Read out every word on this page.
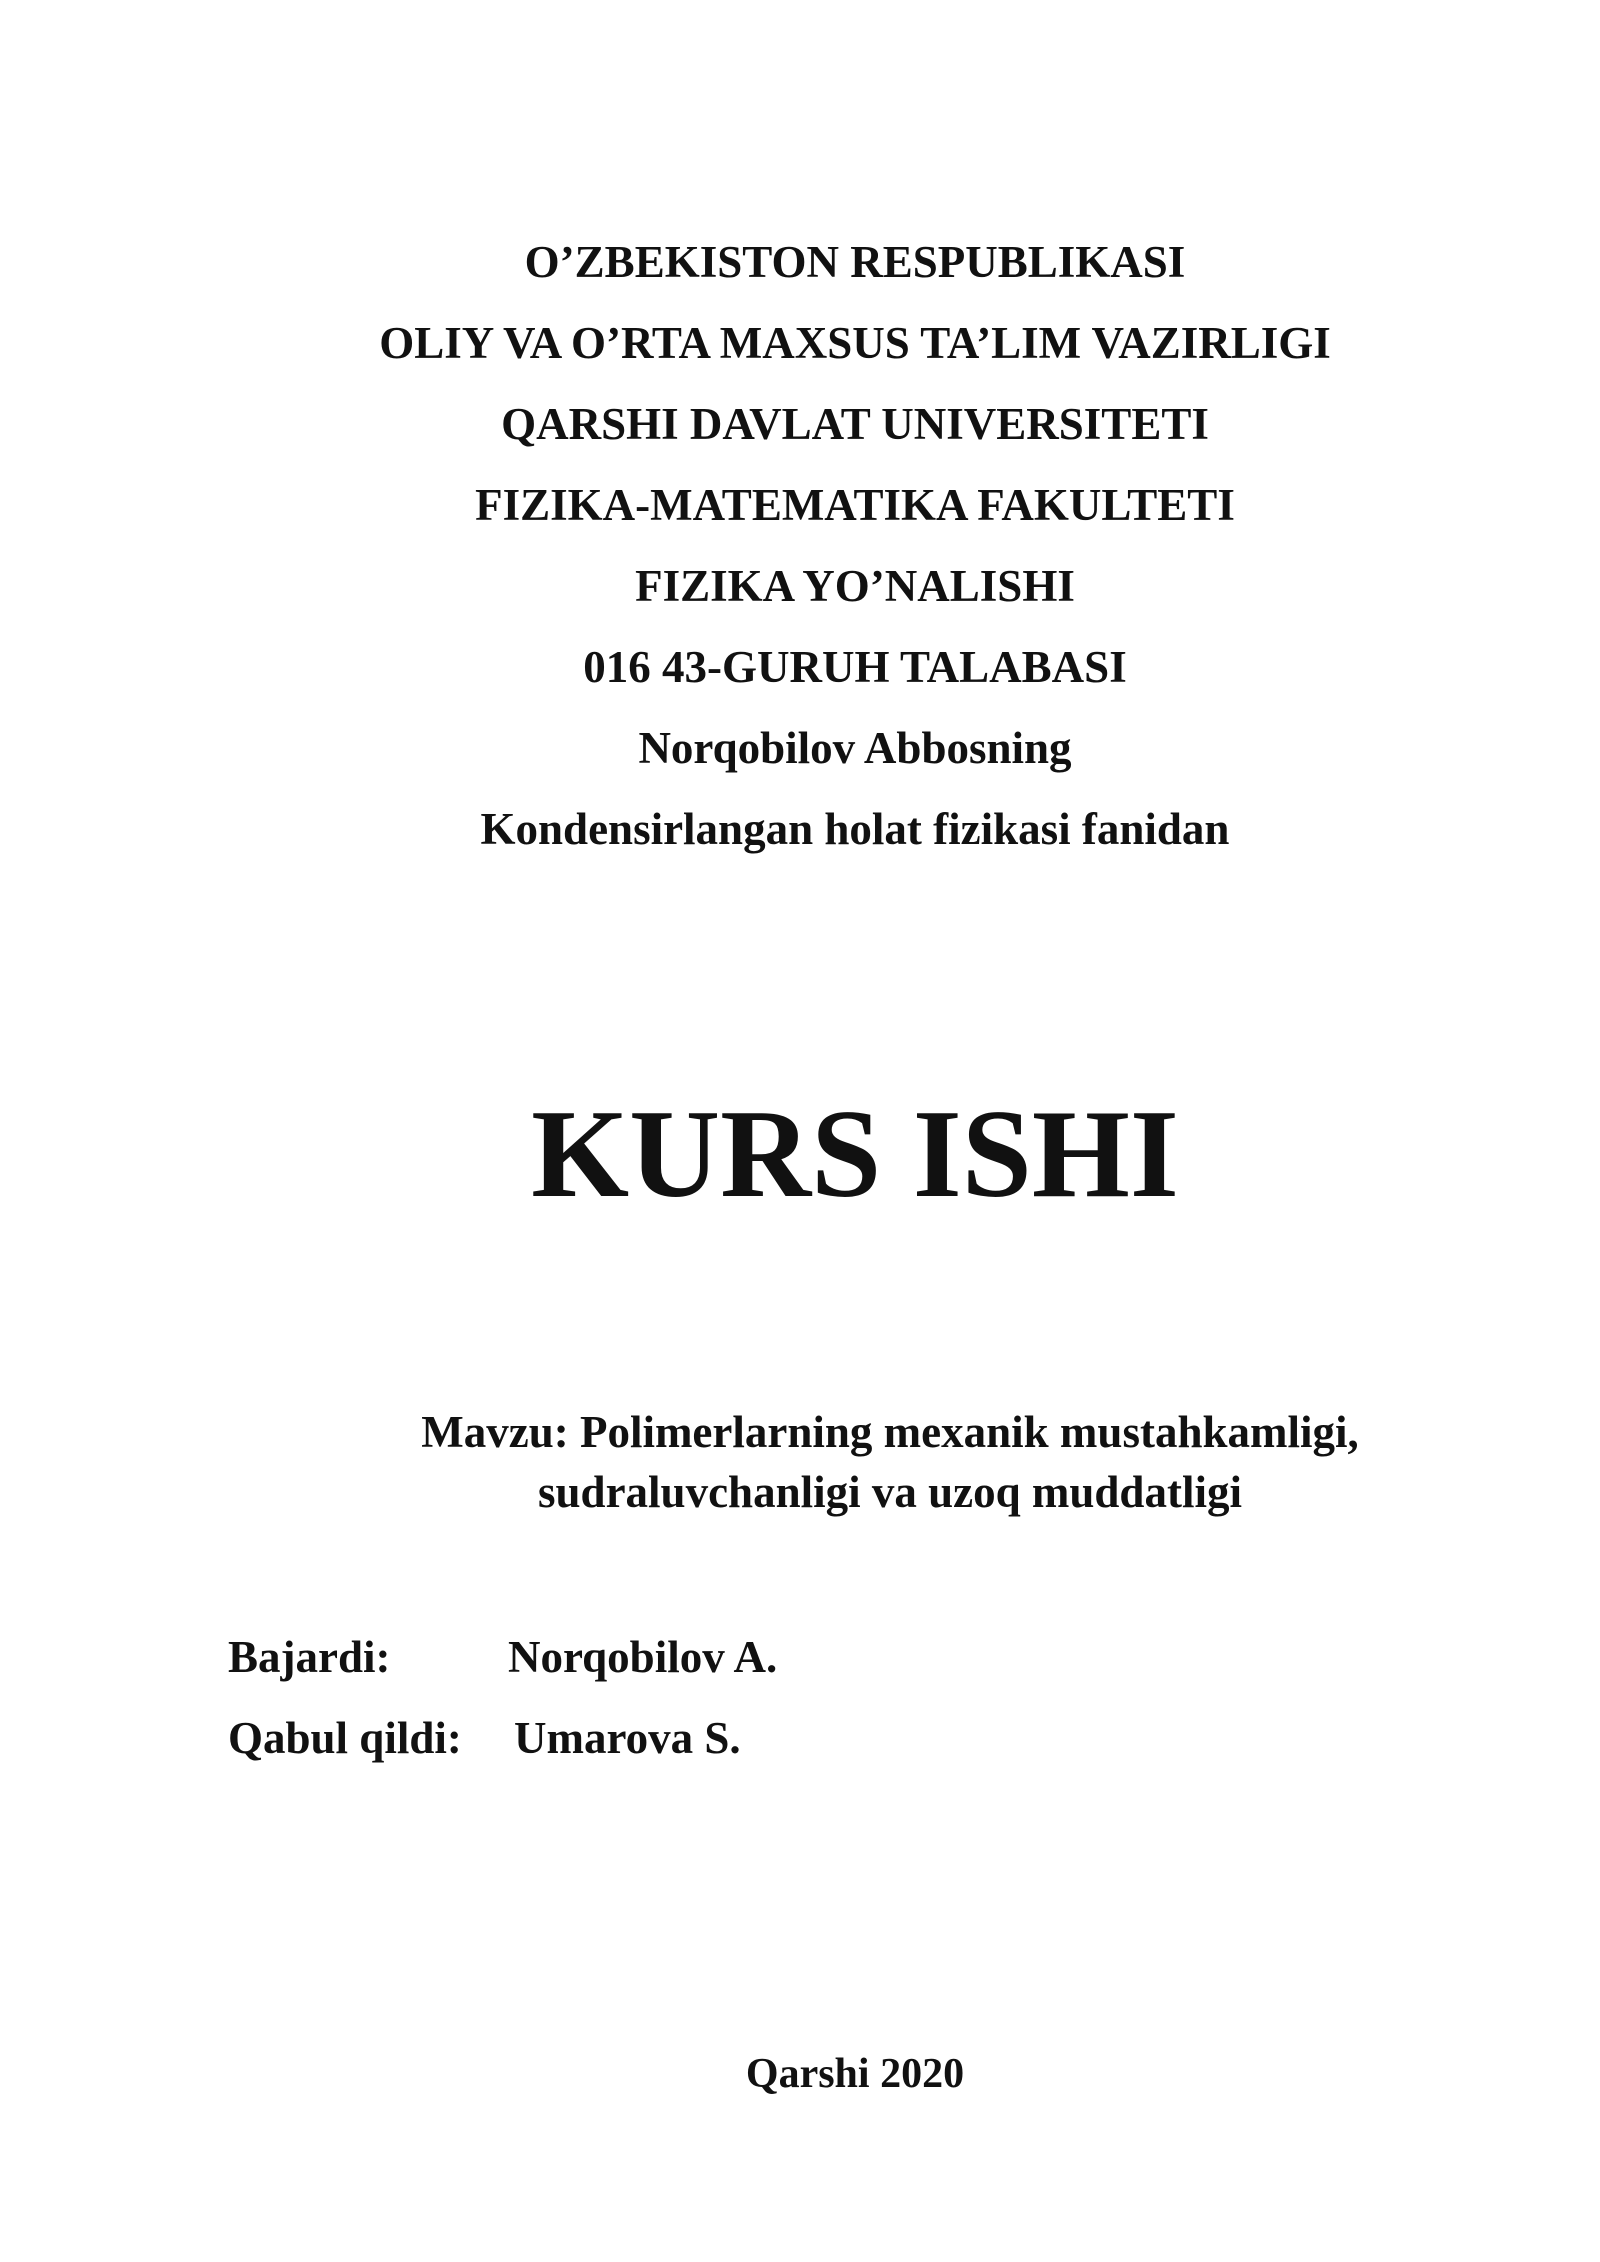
O’ZBEKISTON RESPUBLIKASI
OLIY VA O’RTA MAXSUS TA’LIM VAZIRLIGI
QARSHI DAVLAT UNIVERSITETI
FIZIKA-MATEMATIKA FAKULTETI
FIZIKA YO’NALISHI
016 43-GURUH TALABASI
Norqobilov Abbosning
Kondensirlangan holat fizikasi fanidan
KURS ISHI
Mavzu: Polimerlarning mexanik mustahkamligi,
sudraluvchanligi va uzoq muddatligi
Bajardi:	Norqobilov A.
Qabul qildi: Umarova S.
Qarshi 2020
